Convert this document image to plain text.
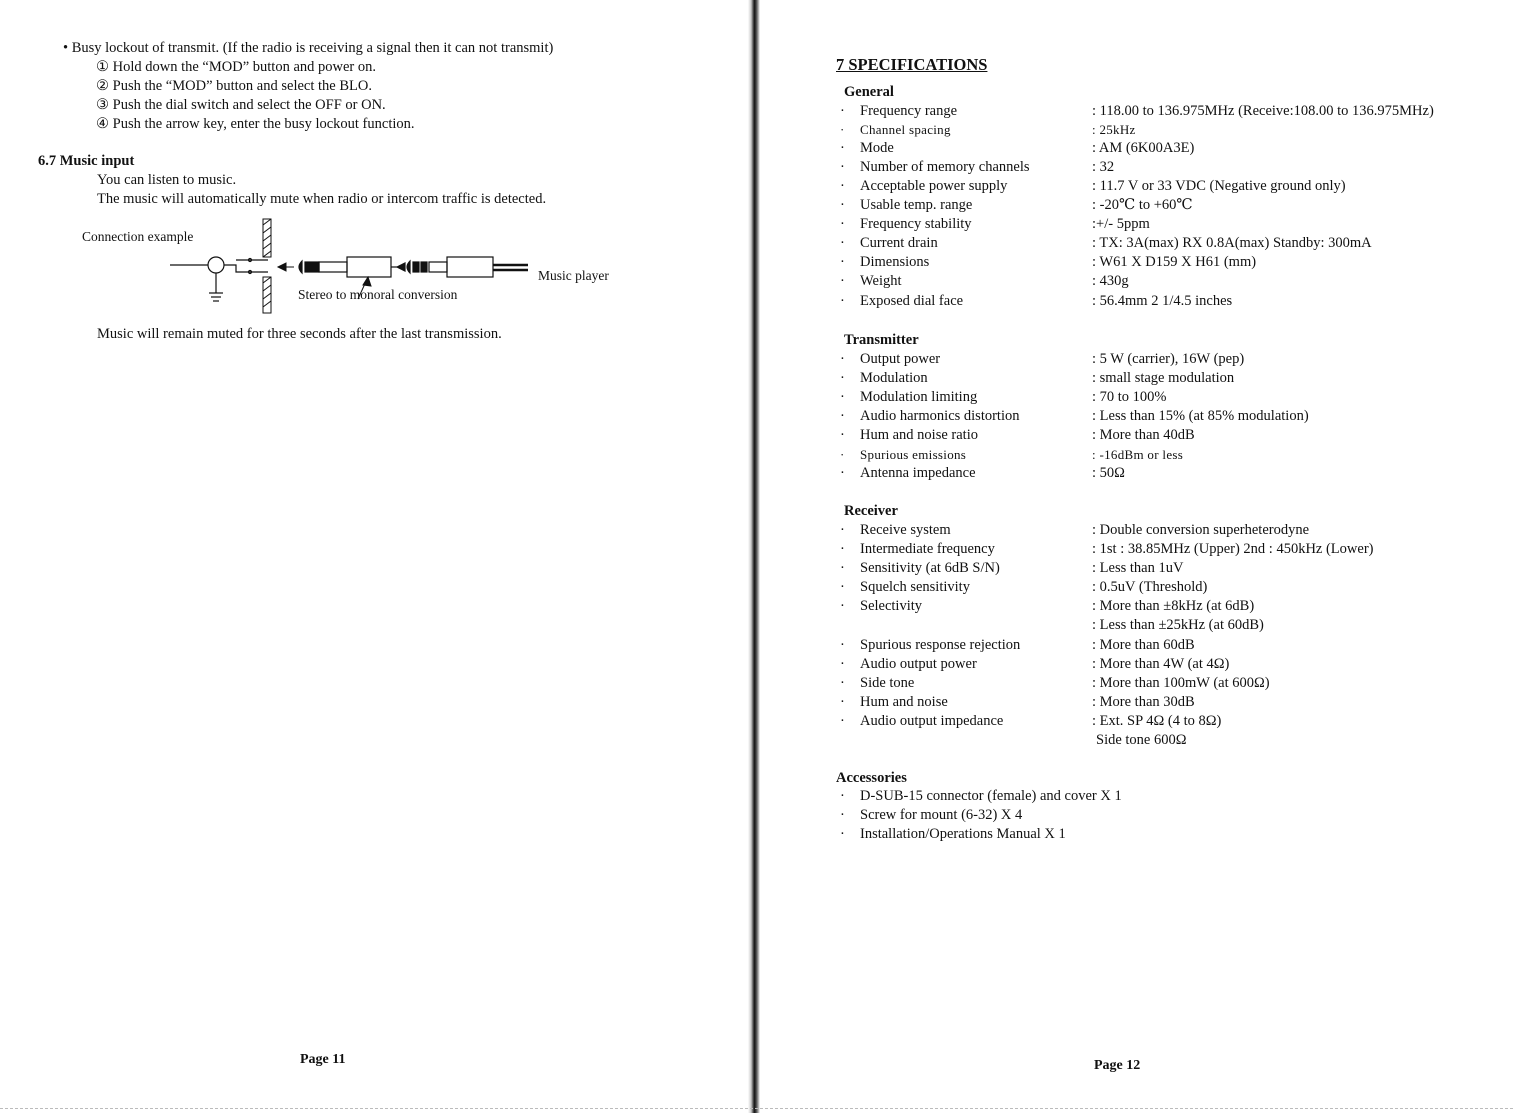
• Busy lockout of transmit. (If the radio is receiving a signal then it can not transmit)
① Hold down the “MOD” button and power on.
② Push the “MOD” button and select the BLO.
③ Push the dial switch and select the OFF or ON.
④ Push the arrow key, enter the busy lockout function.
6.7 Music input
You can listen to music.
The music will automatically mute when radio or intercom traffic is detected.
Connection example
Music player
Stereo to monoral conversion
Music will remain muted for three seconds after the last transmission.
Page 11
7 SPECIFICATIONS
General
· Frequency range	: 118.00 to 136.975MHz (Receive:108.00 to 136.975MHz)
· Channel spacing	: 25kHz
· Mode	: AM (6K00A3E)
· Number of memory channels	: 32
· Acceptable power supply	: 11.7 V or 33 VDC (Negative ground only)
· Usable temp. range	: -20℃ to +60℃
· Frequency stability	:+/- 5ppm
· Current drain	: TX: 3A(max) RX 0.8A(max) Standby: 300mA
· Dimensions	: W61 X D159 X H61 (mm)
· Weight	: 430g
· Exposed dial face	: 56.4mm 2 1/4.5 inches
Transmitter
· Output power	: 5 W (carrier), 16W (pep)
· Modulation	: small stage modulation
· Modulation limiting	: 70 to 100%
· Audio harmonics distortion	: Less than 15% (at 85% modulation)
· Hum and noise ratio	: More than 40dB
· Spurious emissions	: -16dBm or less
· Antenna impedance	: 50Ω
Receiver
· Receive system	: Double conversion superheterodyne
· Intermediate frequency	: 1st : 38.85MHz (Upper) 2nd : 450kHz (Lower)
· Sensitivity (at 6dB S/N)	: Less than 1uV
· Squelch sensitivity	: 0.5uV (Threshold)
· Selectivity	: More than ±8kHz (at 6dB)
: Less than ±25kHz (at 60dB)
· Spurious response rejection	: More than 60dB
· Audio output power	: More than 4W (at 4Ω)
· Side tone	: More than 100mW (at 600Ω)
· Hum and noise	: More than 30dB
· Audio output impedance	: Ext. SP 4Ω (4 to 8Ω)
Side tone 600Ω
Accessories
· D-SUB-15 connector (female) and cover X 1
· Screw for mount (6-32) X 4
· Installation/Operations Manual X 1
Page 12
